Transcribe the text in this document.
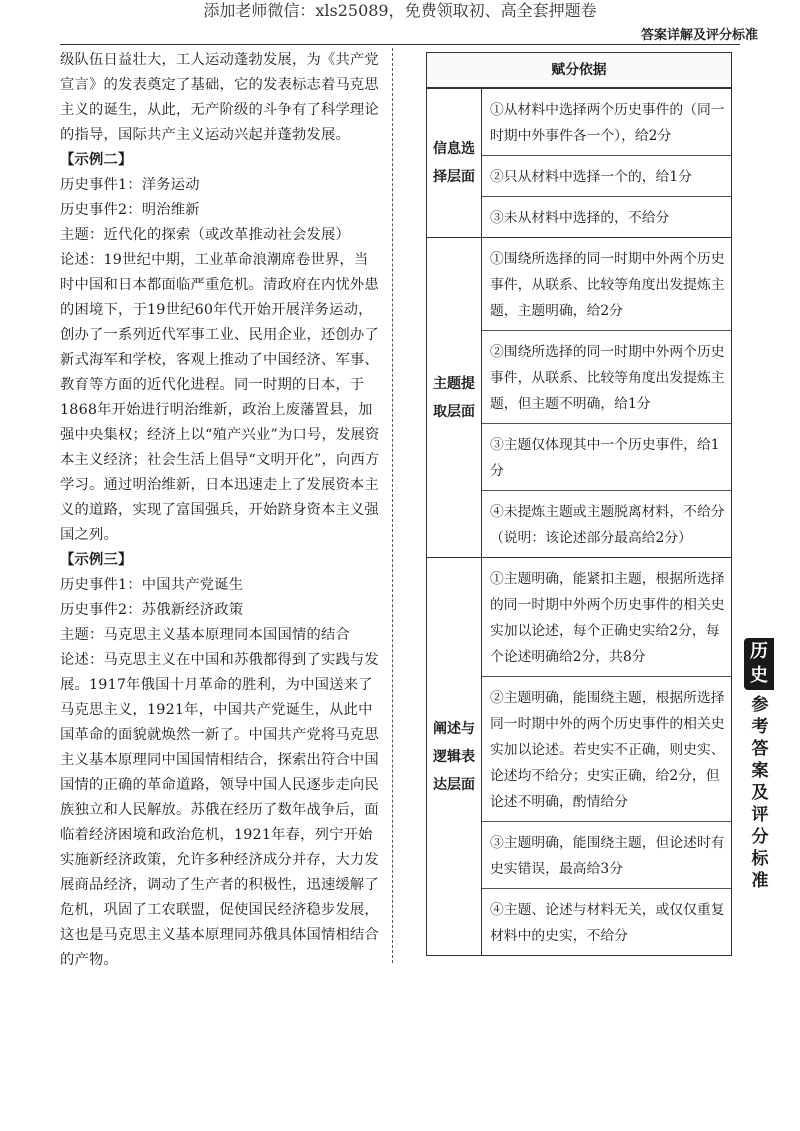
添加老师微信：xls25089，免费领取初、高全套押题卷
答案详解及评分标准

级队伍日益壮大，工人运动蓬勃发展，为《共产党宣言》的发表奠定了基础，它的发表标志着马克思主义的诞生，从此，无产阶级的斗争有了科学理论的指导，国际共产主义运动兴起并蓬勃发展。

【示例二】

历史事件1：洋务运动

历史事件2：明治维新

主题：近代化的探索（或改革推动社会发展）

论述：19世纪中期，工业革命浪潮席卷世界，当时中国和日本都面临严重危机。清政府在内忧外患的困境下，于19世纪60年代开始开展洋务运动，创办了一系列近代军事工业、民用企业，还创办了新式海军和学校，客观上推动了中国经济、军事、教育等方面的近代化进程。同一时期的日本，于1868年开始进行明治维新，政治上废藩置县，加强中央集权；经济上以“殖产兴业”为口号，发展资本主义经济；社会生活上倡导“文明开化”，向西方学习。通过明治维新，日本迅速走上了发展资本主义的道路，实现了富国强兵，开始跻身资本主义强国之列。

【示例三】

历史事件1：中国共产党诞生

历史事件2：苏俄新经济政策

主题：马克思主义基本原理同本国国情的结合

论述：马克思主义在中国和苏俄都得到了实践与发展。1917年俄国十月革命的胜利，为中国送来了马克思主义，1921年，中国共产党诞生，从此中国革命的面貌就焕然一新了。中国共产党将马克思主义基本原理同中国国情相结合，探索出符合中国国情的正确的革命道路，领导中国人民逐步走向民族独立和人民解放。苏俄在经历了数年战争后，面临着经济困境和政治危机，1921年春，列宁开始实施新经济政策，允许多种经济成分并存，大力发展商品经济，调动了生产者的积极性，迅速缓解了危机，巩固了工农联盟，促使国民经济稳步发展，这也是马克思主义基本原理同苏俄具体国情相结合的产物。

赋分依据
信息选择层面
①从材料中选择两个历史事件的（同一时期中外事件各一个），给2分
②只从材料中选择一个的，给1分
③未从材料中选择的，不给分
主题提取层面
①围绕所选择的同一时期中外两个历史事件，从联系、比较等角度出发提炼主题，主题明确，给2分
②围绕所选择的同一时期中外两个历史事件，从联系、比较等角度出发提炼主题，但主题不明确，给1分
③主题仅体现其中一个历史事件，给1分
④未提炼主题或主题脱离材料，不给分（说明：该论述部分最高给2分）
阐述与逻辑表达层面
①主题明确，能紧扣主题，根据所选择的同一时期中外两个历史事件的相关史实加以论述，每个正确史实给2分，每个论述明确给2分，共8分
②主题明确，能围绕主题，根据所选择同一时期中外的两个历史事件的相关史实加以论述。若史实不正确，则史实、论述均不给分；史实正确，给2分，但论述不明确，酌情给分
③主题明确，能围绕主题，但论述时有史实错误，最高给3分
④主题、论述与材料无关，或仅仅重复材料中的史实，不给分
历史
参考答案及评分标准
